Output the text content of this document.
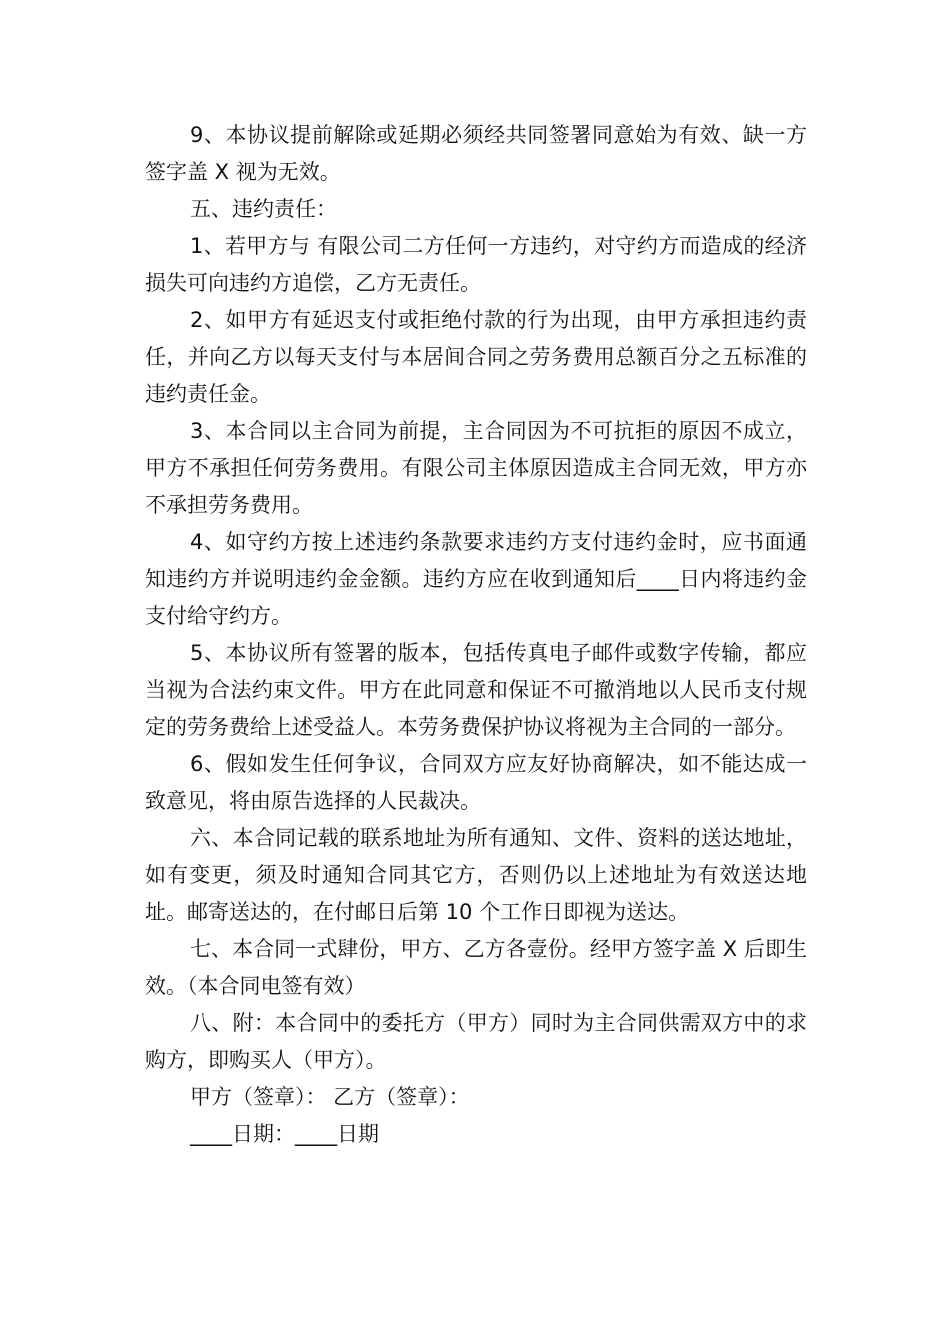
9、本协议提前解除或延期必须经共同签署同意始为有效、缺一方签字盖 X 视为无效。

五、违约责任：

1、若甲方与 有限公司二方任何一方违约，对守约方而造成的经济损失可向违约方追偿，乙方无责任。

2、如甲方有延迟支付或拒绝付款的行为出现，由甲方承担违约责任，并向乙方以每天支付与本居间合同之劳务费用总额百分之五标准的违约责任金。

3、本合同以主合同为前提，主合同因为不可抗拒的原因不成立，甲方不承担任何劳务费用。有限公司主体原因造成主合同无效，甲方亦不承担劳务费用。

4、如守约方按上述违约条款要求违约方支付违约金时，应书面通知违约方并说明违约金金额。违约方应在收到通知后____日内将违约金支付给守约方。

5、本协议所有签署的版本，包括传真电子邮件或数字传输，都应当视为合法约束文件。甲方在此同意和保证不可撤消地以人民币支付规定的劳务费给上述受益人。本劳务费保护协议将视为主合同的一部分。

6、假如发生任何争议，合同双方应友好协商解决，如不能达成一致意见，将由原告选择的人民裁决。

六、本合同记载的联系地址为所有通知、文件、资料的送达地址，如有变更，须及时通知合同其它方，否则仍以上述地址为有效送达地址。邮寄送达的，在付邮日后第 10 个工作日即视为送达。

七、本合同一式肆份，甲方、乙方各壹份。经甲方签字盖 X 后即生效。（本合同电签有效）

八、附：本合同中的委托方（甲方）同时为主合同供需双方中的求购方，即购买人（甲方）。

甲方（签章）： 乙方（签章）：

____日期：____日期
